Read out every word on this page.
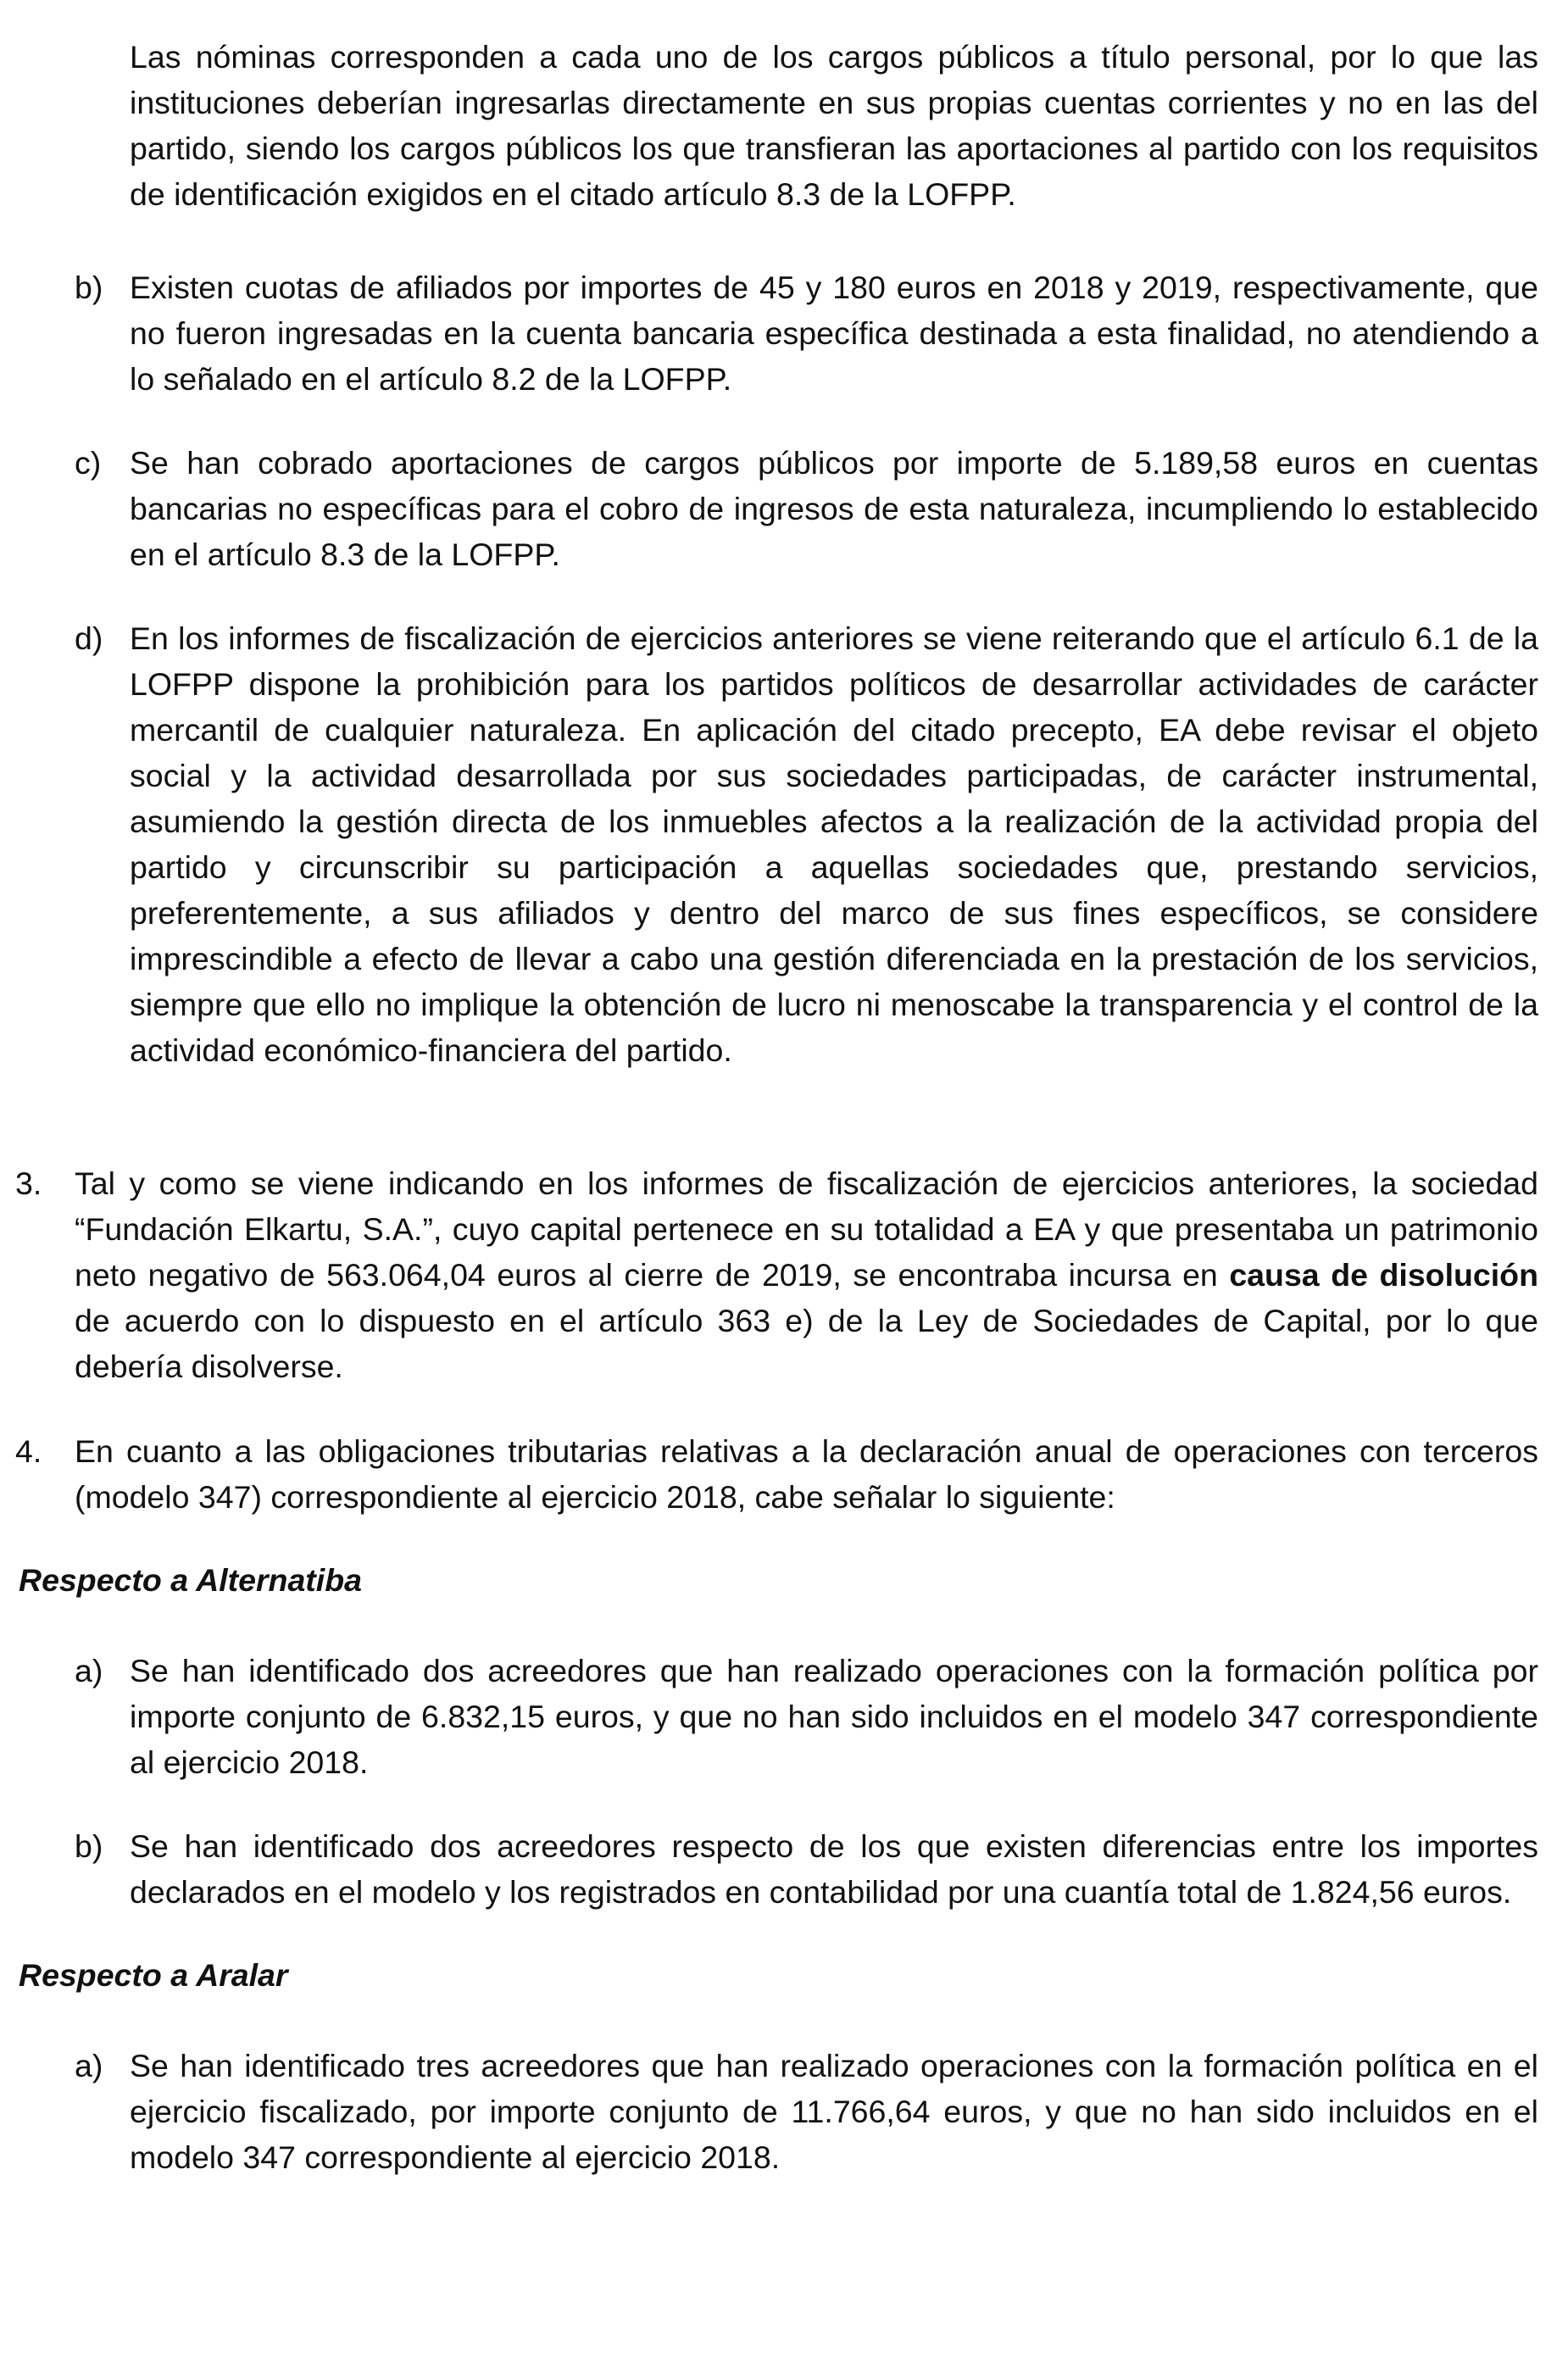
Las nóminas corresponden a cada uno de los cargos públicos a título personal, por lo que las instituciones deberían ingresarlas directamente en sus propias cuentas corrientes y no en las del partido, siendo los cargos públicos los que transfieran las aportaciones al partido con los requisitos de identificación exigidos en el citado artículo 8.3 de la LOFPP.

b) Existen cuotas de afiliados por importes de 45 y 180 euros en 2018 y 2019, respectivamente, que no fueron ingresadas en la cuenta bancaria específica destinada a esta finalidad, no atendiendo a lo señalado en el artículo 8.2 de la LOFPP.

c) Se han cobrado aportaciones de cargos públicos por importe de 5.189,58 euros en cuentas bancarias no específicas para el cobro de ingresos de esta naturaleza, incumpliendo lo establecido en el artículo 8.3 de la LOFPP.

d) En los informes de fiscalización de ejercicios anteriores se viene reiterando que el artículo 6.1 de la LOFPP dispone la prohibición para los partidos políticos de desarrollar actividades de carácter mercantil de cualquier naturaleza. En aplicación del citado precepto, EA debe revisar el objeto social y la actividad desarrollada por sus sociedades participadas, de carácter instrumental, asumiendo la gestión directa de los inmuebles afectos a la realización de la actividad propia del partido y circunscribir su participación a aquellas sociedades que, prestando servicios, preferentemente, a sus afiliados y dentro del marco de sus fines específicos, se considere imprescindible a efecto de llevar a cabo una gestión diferenciada en la prestación de los servicios, siempre que ello no implique la obtención de lucro ni menoscabe la transparencia y el control de la actividad económico-financiera del partido.

3.	Tal y como se viene indicando en los informes de fiscalización de ejercicios anteriores, la sociedad “Fundación Elkartu, S.A.”, cuyo capital pertenece en su totalidad a EA y que presentaba un patrimonio neto negativo de 563.064,04 euros al cierre de 2019, se encontraba incursa en causa de disolución de acuerdo con lo dispuesto en el artículo 363 e) de la Ley de Sociedades de Capital, por lo que debería disolverse.

4.	En cuanto a las obligaciones tributarias relativas a la declaración anual de operaciones con terceros (modelo 347) correspondiente al ejercicio 2018, cabe señalar lo siguiente:

Respecto a Alternatiba

a) Se han identificado dos acreedores que han realizado operaciones con la formación política por importe conjunto de 6.832,15 euros, y que no han sido incluidos en el modelo 347 correspondiente al ejercicio 2018.

b) Se han identificado dos acreedores respecto de los que existen diferencias entre los importes declarados en el modelo y los registrados en contabilidad por una cuantía total de 1.824,56 euros.

Respecto a Aralar

a) Se han identificado tres acreedores que han realizado operaciones con la formación política en el ejercicio fiscalizado, por importe conjunto de 11.766,64 euros, y que no han sido incluidos en el modelo 347 correspondiente al ejercicio 2018.
